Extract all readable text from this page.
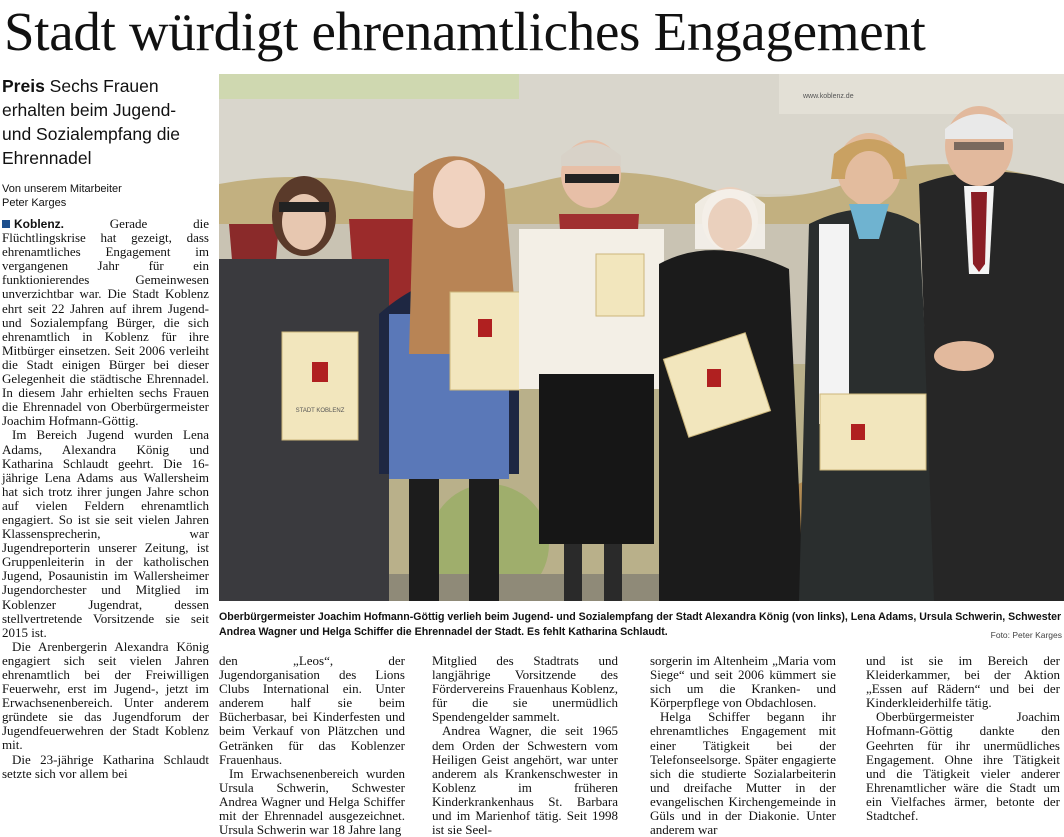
Stadt würdigt ehrenamtliches Engagement
Preis Sechs Frauen erhalten beim Jugend- und Sozialempfang die Ehrennadel
Von unserem Mitarbeiter
Peter Karges

Koblenz. Gerade die Flüchtlingskrise hat gezeigt, dass ehrenamtliches Engagement im vergangenen Jahr für ein funktionierendes Gemeinwesen unverzichtbar war. Die Stadt Koblenz ehrt seit 22 Jahren auf ihrem Jugend- und Sozialempfang Bürger, die sich ehrenamtlich in Koblenz für ihre Mitbürger einsetzen. Seit 2006 verleiht die Stadt einigen Bürger bei dieser Gelegenheit die städtische Ehrennadel. In diesem Jahr erhielten sechs Frauen die Ehrennadel von Oberbürgermeister Joachim Hofmann-Göttig.

Im Bereich Jugend wurden Lena Adams, Alexandra König und Katharina Schlaudt geehrt. Die 16-jährige Lena Adams aus Wallersheim hat sich trotz ihrer jungen Jahre schon auf vielen Feldern ehrenamtlich engagiert. So ist sie seit vielen Jahren Klassensprecherin, war Jugendreporterin unserer Zeitung, ist Gruppenleiterin in der katholischen Jugend, Posaunistin im Wallersheimer Jugendorchester und Mitglied im Koblenzer Jugendrat, dessen stellvertretende Vorsitzende sie seit 2015 ist.

Die Arenbergerin Alexandra König engagiert sich seit vielen Jahren ehrenamtlich bei der Freiwilligen Feuerwehr, erst im Jugend-, jetzt im Erwachsenenbereich. Unter anderem gründete sie das Jugendforum der Jugendfeuerwehren der Stadt Koblenz mit.

Die 23-jährige Katharina Schlaudt setzte sich vor allem bei

www.koblenz.de
STADT KOBLENZ

Oberbürgermeister Joachim Hofmann-Göttig verlieh beim Jugend- und Sozialempfang der Stadt Alexandra König (von links), Lena Adams, Ursula Schwerin, Schwester Andrea Wagner und Helga Schiffer die Ehrennadel der Stadt. Es fehlt Katharina Schlaudt.	Foto: Peter Karges

den „Leos“, der Jugendorganisation des Lions Clubs International ein. Unter anderem half sie beim Bücherbasar, bei Kinderfesten und beim Verkauf von Plätzchen und Getränken für das Koblenzer Frauenhaus.

Im Erwachsenenbereich wurden Ursula Schwerin, Schwester Andrea Wagner und Helga Schiffer mit der Ehrennadel ausgezeichnet. Ursula Schwerin war 18 Jahre lang

Mitglied des Stadtrats und langjährige Vorsitzende des Fördervereins Frauenhaus Koblenz, für die sie unermüdlich Spendengelder sammelt.

Andrea Wagner, die seit 1965 dem Orden der Schwestern vom Heiligen Geist angehört, war unter anderem als Krankenschwester in Koblenz im früheren Kinderkrankenhaus St. Barbara und im Marienhof tätig. Seit 1998 ist sie Seel-

sorgerin im Altenheim „Maria vom Siege“ und seit 2006 kümmert sie sich um die Kranken- und Körperpflege von Obdachlosen.

Helga Schiffer begann ihr ehrenamtliches Engagement mit einer Tätigkeit bei der Telefonseelsorge. Später engagierte sich die studierte Sozialarbeiterin und dreifache Mutter in der evangelischen Kirchengemeinde in Güls und in der Diakonie. Unter anderem war

und ist sie im Bereich der Kleiderkammer, bei der Aktion „Essen auf Rädern“ und bei der Kinderkleiderhilfe tätig.

Oberbürgermeister Joachim Hofmann-Göttig dankte den Geehrten für ihr unermüdliches Engagement. Ohne ihre Tätigkeit und die Tätigkeit vieler anderer Ehrenamtlicher wäre die Stadt um ein Vielfaches ärmer, betonte der Stadtchef.
